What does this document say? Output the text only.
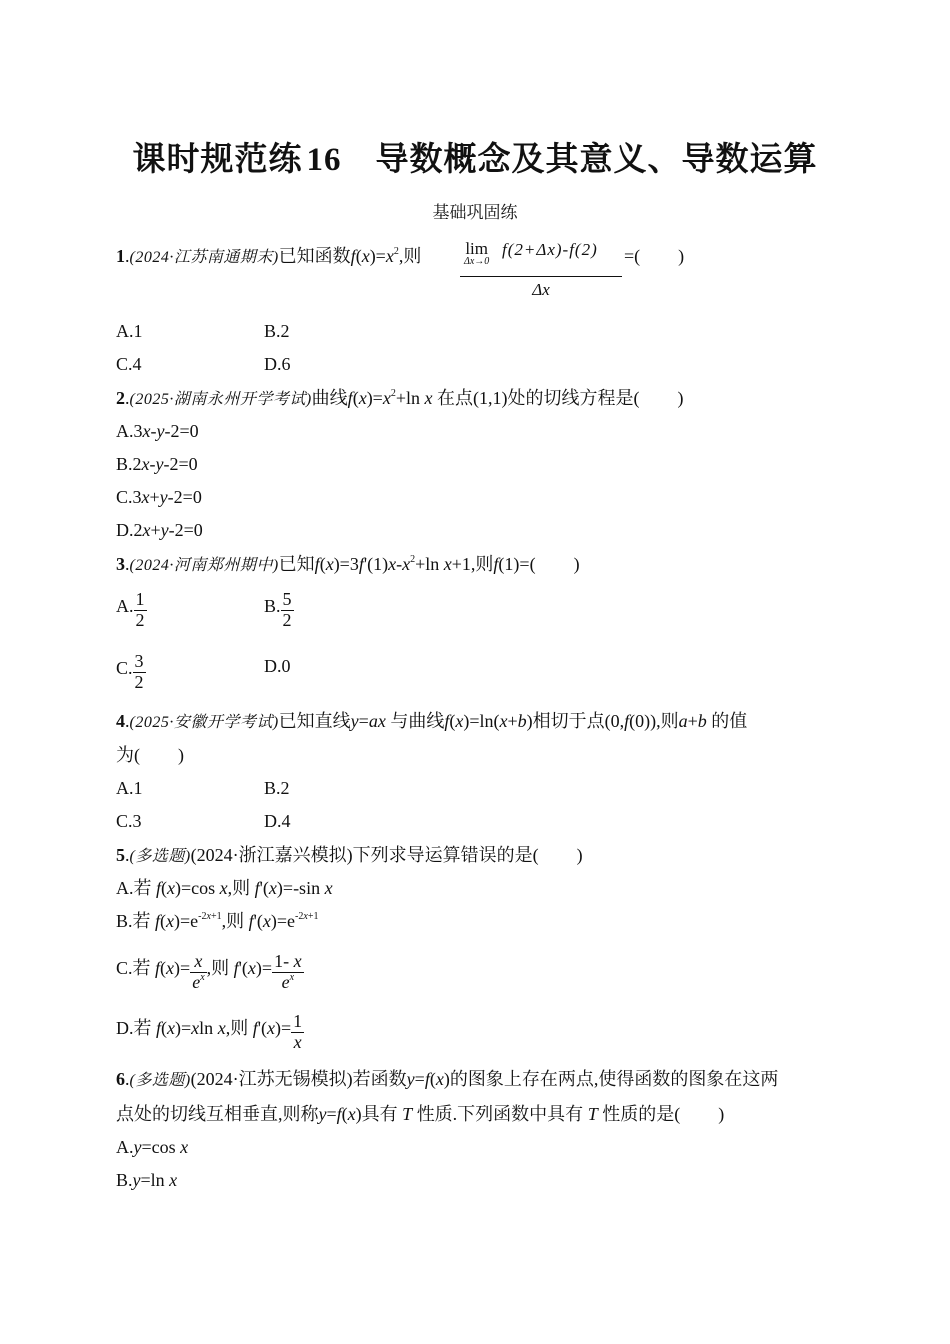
课时规范练 16 导数概念及其意义、导数运算
基础巩固练
1.(2024·江苏南通期末)已知函数$f(x)=x^2$,则	lim
Δx→0
f(2+Δx)-f(2)
Δx
=( )
A.1	B.2
C.4	D.6
2.(2025·湖南永州开学考试)曲线$f(x)=x^2+\ln$ x 在点(1,1)处的切线方程是( )
A.3x-y-2=0
B.2x-y-2=0
C.3x+y-2=0
D.2x+y-2=0
3.(2024·河南郑州期中)已知$f(x)=3f'(1)x-x^2+\ln$ x+1,则f(1)=( )
A. $\frac{1}{2}$	B. $\frac{5}{2}$
C. $\frac{3}{2}$	D.0
4.(2025·安徽开学考试)已知直线y=ax 与曲线f(x)=ln(x+b)相切于点(0,f(0)),则a+b 的值
为( )
A.1	B.2
C.3	D.4
5.(多选题)(2024·浙江嘉兴模拟)下列求导运算错误的是( )
A.若 f(x)=cos x,则 f'(x)=-sin x
B.若 $f(x)=e^{-2x+1}$,则 $f'(x)=e^{-2x+1}$
C.若 $f(x)= \frac{x}{e^x}$ ,则 $f'(x)= \frac{1- x}{e^x}$
D.若 f(x)=xln x,则 $f'(x)= \frac{1}{x}$
6.(多选题)(2024·江苏无锡模拟)若函数y=f(x)的图象上存在两点,使得函数的图象在这两
点处的切线互相垂直,则称y=f(x)具有 T 性质.下列函数中具有 T 性质的是( )
A.y=cos x
B.y=ln x
